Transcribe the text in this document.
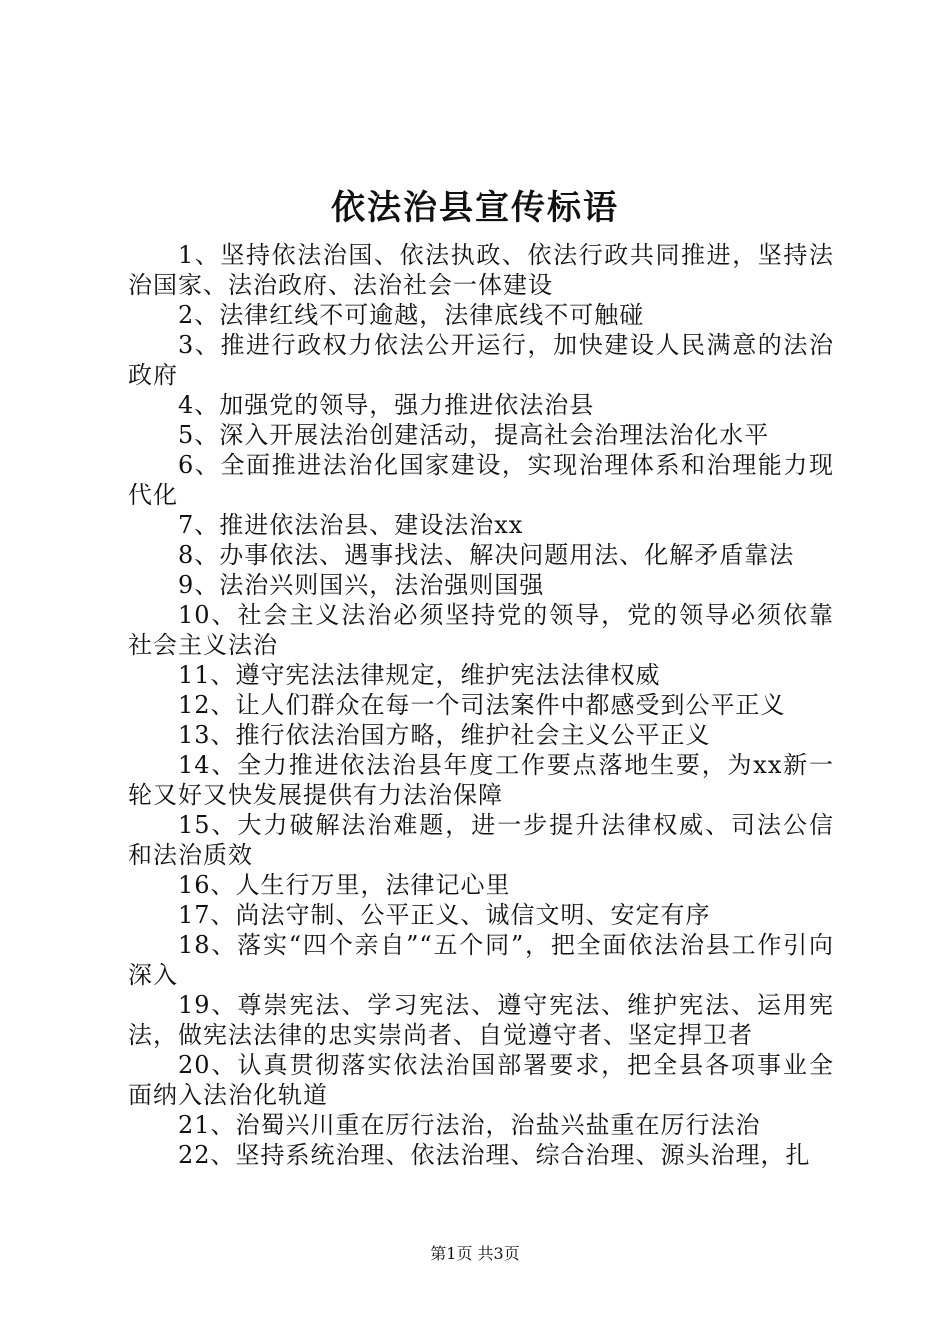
依法治县宣传标语

1、坚持依法治国、依法执政、依法行政共同推进，坚持法治国家、法治政府、法治社会一体建设

2、法律红线不可逾越，法律底线不可触碰

3、推进行政权力依法公开运行，加快建设人民满意的法治政府

4、加强党的领导，强力推进依法治县

5、深入开展法治创建活动，提高社会治理法治化水平

6、全面推进法治化国家建设，实现治理体系和治理能力现代化

7、推进依法治县、建设法治xx

8、办事依法、遇事找法、解决问题用法、化解矛盾靠法

9、法治兴则国兴，法治强则国强

10、社会主义法治必须坚持党的领导，党的领导必须依靠社会主义法治

11、遵守宪法法律规定，维护宪法法律权威

12、让人们群众在每一个司法案件中都感受到公平正义

13、推行依法治国方略，维护社会主义公平正义

14、全力推进依法治县年度工作要点落地生要，为xx新一轮又好又快发展提供有力法治保障

15、大力破解法治难题，进一步提升法律权威、司法公信和法治质效

16、人生行万里，法律记心里

17、尚法守制、公平正义、诚信文明、安定有序

18、落实“四个亲自”“五个同”，把全面依法治县工作引向深入

19、尊崇宪法、学习宪法、遵守宪法、维护宪法、运用宪法，做宪法法律的忠实崇尚者、自觉遵守者、坚定捍卫者

20、认真贯彻落实依法治国部署要求，把全县各项事业全面纳入法治化轨道

21、治蜀兴川重在厉行法治，治盐兴盐重在厉行法治

22、坚持系统治理、依法治理、综合治理、源头治理，扎

第1页 共3页
